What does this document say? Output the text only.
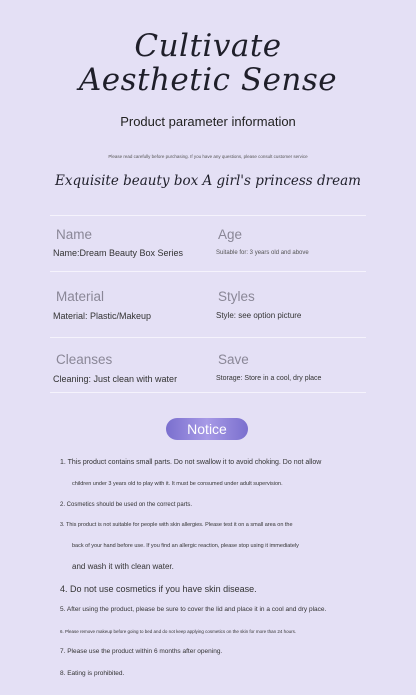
Cultivate
Aesthetic Sense
Product parameter information
Please read carefully before purchasing. If you have any questions, please consult customer service
Exquisite beauty box A girl's princess dream
Name
Name:Dream Beauty Box Series
Age
Suitable for: 3 years old and above
Material
Material: Plastic/Makeup
Styles
Style: see option picture
Cleanses
Cleaning: Just clean with water
Save
Storage: Store in a cool, dry place
Notice
1. This product contains small parts. Do not swallow it to avoid choking. Do not allow
children under 3 years old to play with it. It must be consumed under adult supervision.
2. Cosmetics should be used on the correct parts.
3. This product is not suitable for people with skin allergies. Please test it on a small area on the
back of your hand before use. If you find an allergic reaction, please stop using it immediately
and wash it with clean water.
4. Do not use cosmetics if you have skin disease.
5. After using the product, please be sure to cover the lid and place it in a cool and dry place.
6. Please remove makeup before going to bed and do not keep applying cosmetics on the skin for more than 24 hours.
7. Please use the product within 6 months after opening.
8. Eating is prohibited.
